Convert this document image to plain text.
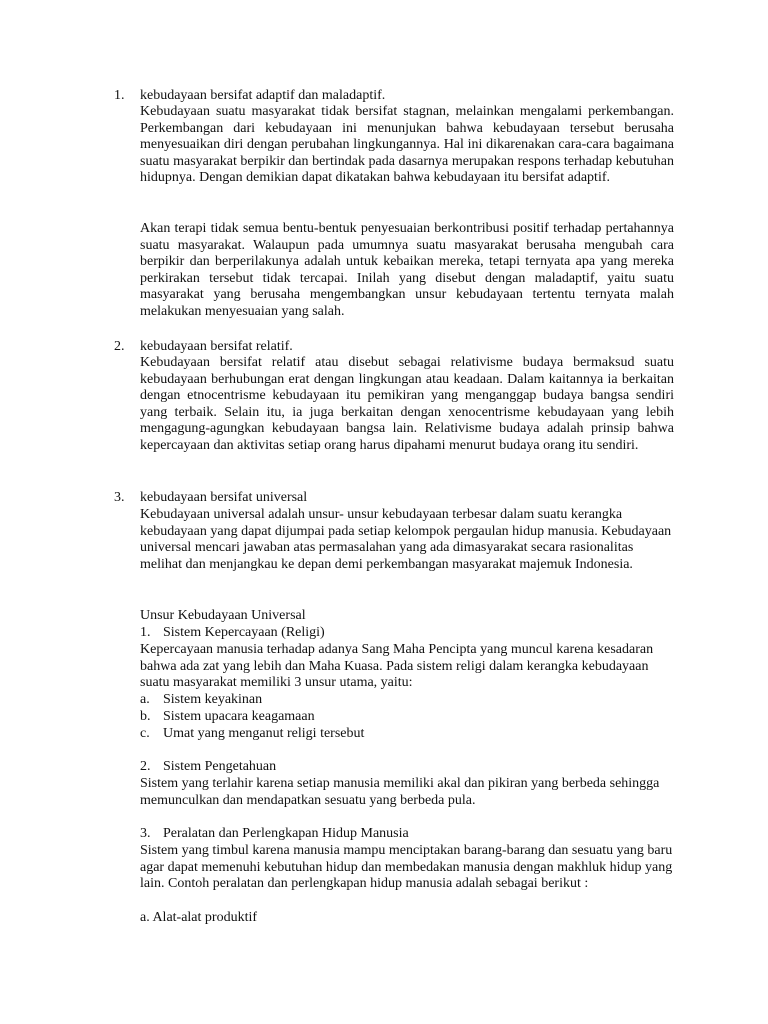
1. kebudayaan bersifat adaptif dan maladaptif.

Kebudayaan suatu masyarakat tidak bersifat stagnan, melainkan mengalami perkembangan. Perkembangan dari kebudayaan ini menunjukan bahwa kebudayaan tersebut berusaha menyesuaikan diri dengan perubahan lingkungannya. Hal ini dikarenakan cara-cara bagaimana suatu masyarakat berpikir dan bertindak pada dasarnya merupakan respons terhadap kebutuhan hidupnya. Dengan demikian dapat dikatakan bahwa kebudayaan itu bersifat adaptif.

Akan terapi tidak semua bentu-bentuk penyesuaian berkontribusi positif terhadap pertahannya suatu masyarakat. Walaupun pada umumnya suatu masyarakat berusaha mengubah cara berpikir dan berperilakunya adalah untuk kebaikan mereka, tetapi ternyata apa yang mereka perkirakan tersebut tidak tercapai. Inilah yang disebut dengan maladaptif, yaitu suatu masyarakat yang berusaha mengembangkan unsur kebudayaan tertentu ternyata malah melakukan menyesuaian yang salah.

2. kebudayaan bersifat relatif.

Kebudayaan bersifat relatif atau disebut sebagai relativisme budaya bermaksud suatu kebudayaan berhubungan erat dengan lingkungan atau keadaan. Dalam kaitannya ia berkaitan dengan etnocentrisme kebudayaan itu pemikiran yang menganggap budaya bangsa sendiri yang terbaik. Selain itu, ia juga berkaitan dengan xenocentrisme kebudayaan yang lebih mengagung-agungkan kebudayaan bangsa lain. Relativisme budaya adalah prinsip bahwa kepercayaan dan aktivitas setiap orang harus dipahami menurut budaya orang itu sendiri.

3. kebudayaan bersifat universal

Kebudayaan universal adalah unsur- unsur kebudayaan terbesar dalam suatu kerangka kebudayaan yang dapat dijumpai pada setiap kelompok pergaulan hidup manusia. Kebudayaan universal mencari jawaban atas permasalahan yang ada dimasyarakat secara rasionalitas melihat dan menjangkau ke depan demi perkembangan masyarakat majemuk Indonesia.

Unsur Kebudayaan Universal
1. Sistem Kepercayaan (Religi)

Kepercayaan manusia terhadap adanya Sang Maha Pencipta yang muncul karena kesadaran bahwa ada zat yang lebih dan Maha Kuasa. Pada sistem religi dalam kerangka kebudayaan suatu masyarakat memiliki 3 unsur utama, yaitu:

a. Sistem keyakinan
b. Sistem upacara keagamaan
c. Umat yang menganut religi tersebut
2. Sistem Pengetahuan

Sistem yang terlahir karena setiap manusia memiliki akal dan pikiran yang berbeda sehingga memunculkan dan mendapatkan sesuatu yang berbeda pula.

3. Peralatan dan Perlengkapan Hidup Manusia

Sistem yang timbul karena manusia mampu menciptakan barang-barang dan sesuatu yang baru agar dapat memenuhi kebutuhan hidup dan membedakan manusia dengan makhluk hidup yang lain. Contoh peralatan dan perlengkapan hidup manusia adalah sebagai berikut :

a. Alat-alat produktif
